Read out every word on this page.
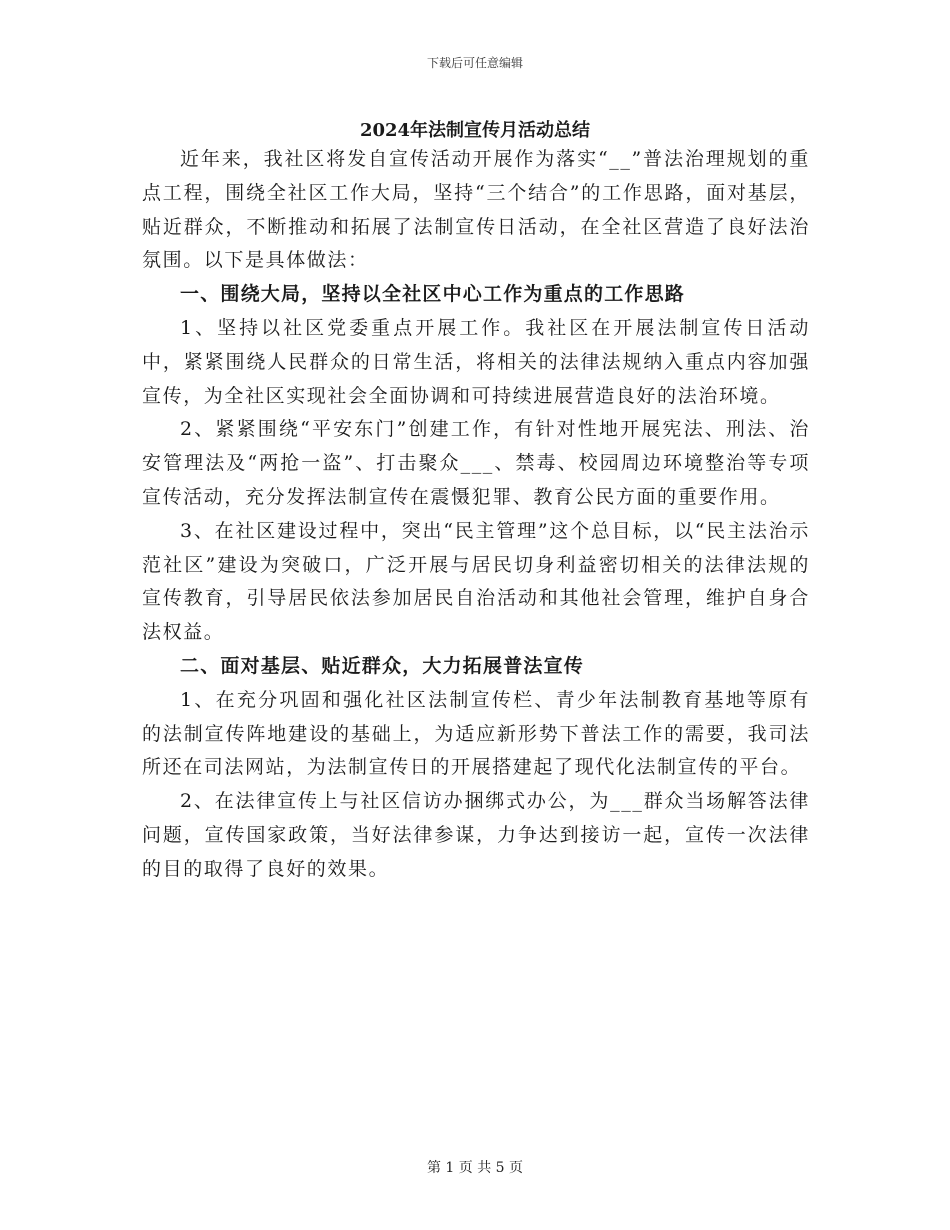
下载后可任意编辑
2024年法制宣传月活动总结

近年来，我社区将发自宣传活动开展作为落实“__”普法治理规划的重点工程，围绕全社区工作大局，坚持“三个结合”的工作思路，面对基层，贴近群众，不断推动和拓展了法制宣传日活动，在全社区营造了良好法治氛围。以下是具体做法：

一、围绕大局，坚持以全社区中心工作为重点的工作思路

1、坚持以社区党委重点开展工作。我社区在开展法制宣传日活动中，紧紧围绕人民群众的日常生活，将相关的法律法规纳入重点内容加强宣传，为全社区实现社会全面协调和可持续进展营造良好的法治环境。

2、紧紧围绕“平安东门”创建工作，有针对性地开展宪法、刑法、治安管理法及“两抢一盗”、打击聚众___、禁毒、校园周边环境整治等专项宣传活动，充分发挥法制宣传在震慑犯罪、教育公民方面的重要作用。

3、在社区建设过程中，突出“民主管理”这个总目标，以“民主法治示范社区”建设为突破口，广泛开展与居民切身利益密切相关的法律法规的宣传教育，引导居民依法参加居民自治活动和其他社会管理，维护自身合法权益。

二、面对基层、贴近群众，大力拓展普法宣传

1、在充分巩固和强化社区法制宣传栏、青少年法制教育基地等原有的法制宣传阵地建设的基础上，为适应新形势下普法工作的需要，我司法所还在司法网站，为法制宣传日的开展搭建起了现代化法制宣传的平台。

2、在法律宣传上与社区信访办捆绑式办公，为___群众当场解答法律问题，宣传国家政策，当好法律参谋，力争达到接访一起，宣传一次法律的目的取得了良好的效果。

第 1 页 共 5 页
